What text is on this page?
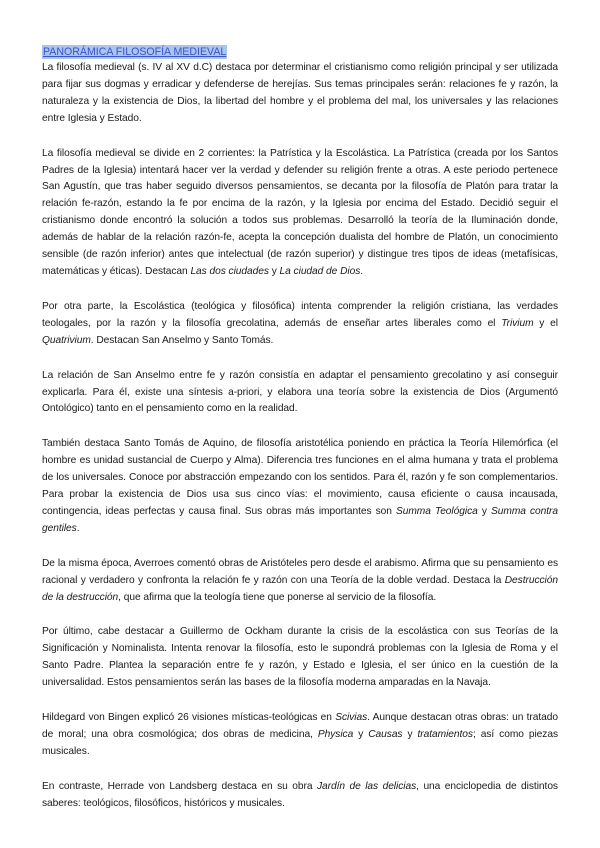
PANORÁMICA FILOSOFÍA MEDIEVAL

La filosofía medieval (s. IV al XV d.C) destaca por determinar el cristianismo como religión principal y ser utilizada para fijar sus dogmas y erradicar y defenderse de herejías. Sus temas principales serán: relaciones fe y razón, la naturaleza y la existencia de Dios, la libertad del hombre y el problema del mal, los universales y las relaciones entre Iglesia y Estado.

La filosofía medieval se divide en 2 corrientes: la Patrística y la Escolástica. La Patrística (creada por los Santos Padres de la Iglesia) intentará hacer ver la verdad y defender su religión frente a otras. A este periodo pertenece San Agustín, que tras haber seguido diversos pensamientos, se decanta por la filosofía de Platón para tratar la relación fe-razón, estando la fe por encima de la razón, y la Iglesia por encima del Estado. Decidió seguir el cristianismo donde encontró la solución a todos sus problemas. Desarrolló la teoría de la Iluminación donde, además de hablar de la relación razón-fe, acepta la concepción dualista del hombre de Platón, un conocimiento sensible (de razón inferior) antes que intelectual (de razón superior) y distingue tres tipos de ideas (metafísicas, matemáticas y éticas). Destacan Las dos ciudades y La ciudad de Dios.

Por otra parte, la Escolástica (teológica y filosófica) intenta comprender la religión cristiana, las verdades teologales, por la razón y la filosofía grecolatina, además de enseñar artes liberales como el Trivium y el Quatrivium. Destacan San Anselmo y Santo Tomás.

La relación de San Anselmo entre fe y razón consistía en adaptar el pensamiento grecolatino y así conseguir explicarla. Para él, existe una síntesis a-priori, y elabora una teoría sobre la existencia de Dios (Argumentó Ontológico) tanto en el pensamiento como en la realidad.

También destaca Santo Tomás de Aquino, de filosofía aristotélica poniendo en práctica la Teoría Hilemórfica (el hombre es unidad sustancial de Cuerpo y Alma). Diferencia tres funciones en el alma humana y trata el problema de los universales. Conoce por abstracción empezando con los sentidos. Para él, razón y fe son complementarios. Para probar la existencia de Dios usa sus cinco vías: el movimiento, causa eficiente o causa incausada, contingencia, ideas perfectas y causa final. Sus obras más importantes son Summa Teológica y Summa contra gentiles.

De la misma época, Averroes comentó obras de Aristóteles pero desde el arabismo. Afirma que su pensamiento es racional y verdadero y confronta la relación fe y razón con una Teoría de la doble verdad. Destaca la Destrucción de la destrucción, que afirma que la teología tiene que ponerse al servicio de la filosofía.

Por último, cabe destacar a Guillermo de Ockham durante la crisis de la escolástica con sus Teorías de la Significación y Nominalista. Intenta renovar la filosofía, esto le supondrá problemas con la Iglesia de Roma y el Santo Padre. Plantea la separación entre fe y razón, y Estado e Iglesia, el ser único en la cuestión de la universalidad. Estos pensamientos serán las bases de la filosofía moderna amparadas en la Navaja.

Hildegard von Bingen explicó 26 visiones místicas-teológicas en Scivias. Aunque destacan otras obras: un tratado de moral; una obra cosmológica; dos obras de medicina, Physica y Causas y tratamientos; así como piezas musicales.

En contraste, Herrade von Landsberg destaca en su obra Jardín de las delicias, una enciclopedia de distintos saberes: teológicos, filosóficos, históricos y musicales.
